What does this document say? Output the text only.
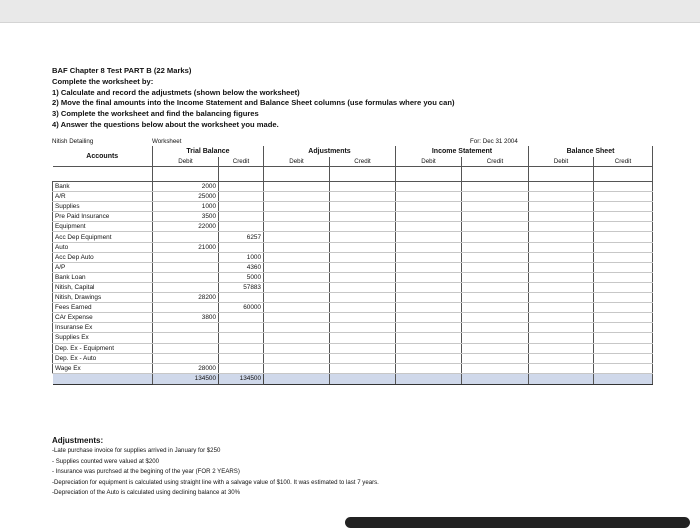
BAF Chapter 8 Test PART B (22 Marks)
Complete the worksheet by:
1) Calculate and record the adjustmets (shown below the worksheet)
2) Move the final amounts into the Income Statement and Balance Sheet columns (use formulas where you can)
3) Complete the worksheet and find the balancing figures
4) Answer the questions below about the worksheet you made.
Nitish Detailing	Worksheet	For: Dec 31 2004
Accounts	Trial Balance		Adjustments		Income Statement		Balance Sheet	
	Debit	Credit	Debit	Credit	Debit	Credit	Debit	Credit

Bank	2000							
A/R	25000							
Supplies	1000							
Pre Paid Insurance	3500							
Equipment	22000							
Acc Dep Equipment		6257						
Auto	21000							
Acc Dep Auto		1000						
A/P		4360						
Bank Loan		5000						
Nitish, Capital		57883						
Nitish, Drawings	28200							
Fees Earned		60000						
CAr Expense	3800							
Insuranse Ex								
Supplies Ex								
Dep. Ex - Equipment								
Dep. Ex - Auto								
Wage Ex	28000							
	134500	134500						
Adjustments:
-Late purchase invoice for supplies arrived in January for $250
- Supplies counted were valued at $200
- Insurance was purchsed at the begining of the year (FOR 2 YEARS)
-Depreciation for equipment is calculated using straight line with a salvage value of $100. It was estimated to last 7 years.
-Depreciation of the Auto is calculated using declining balance at 30%
